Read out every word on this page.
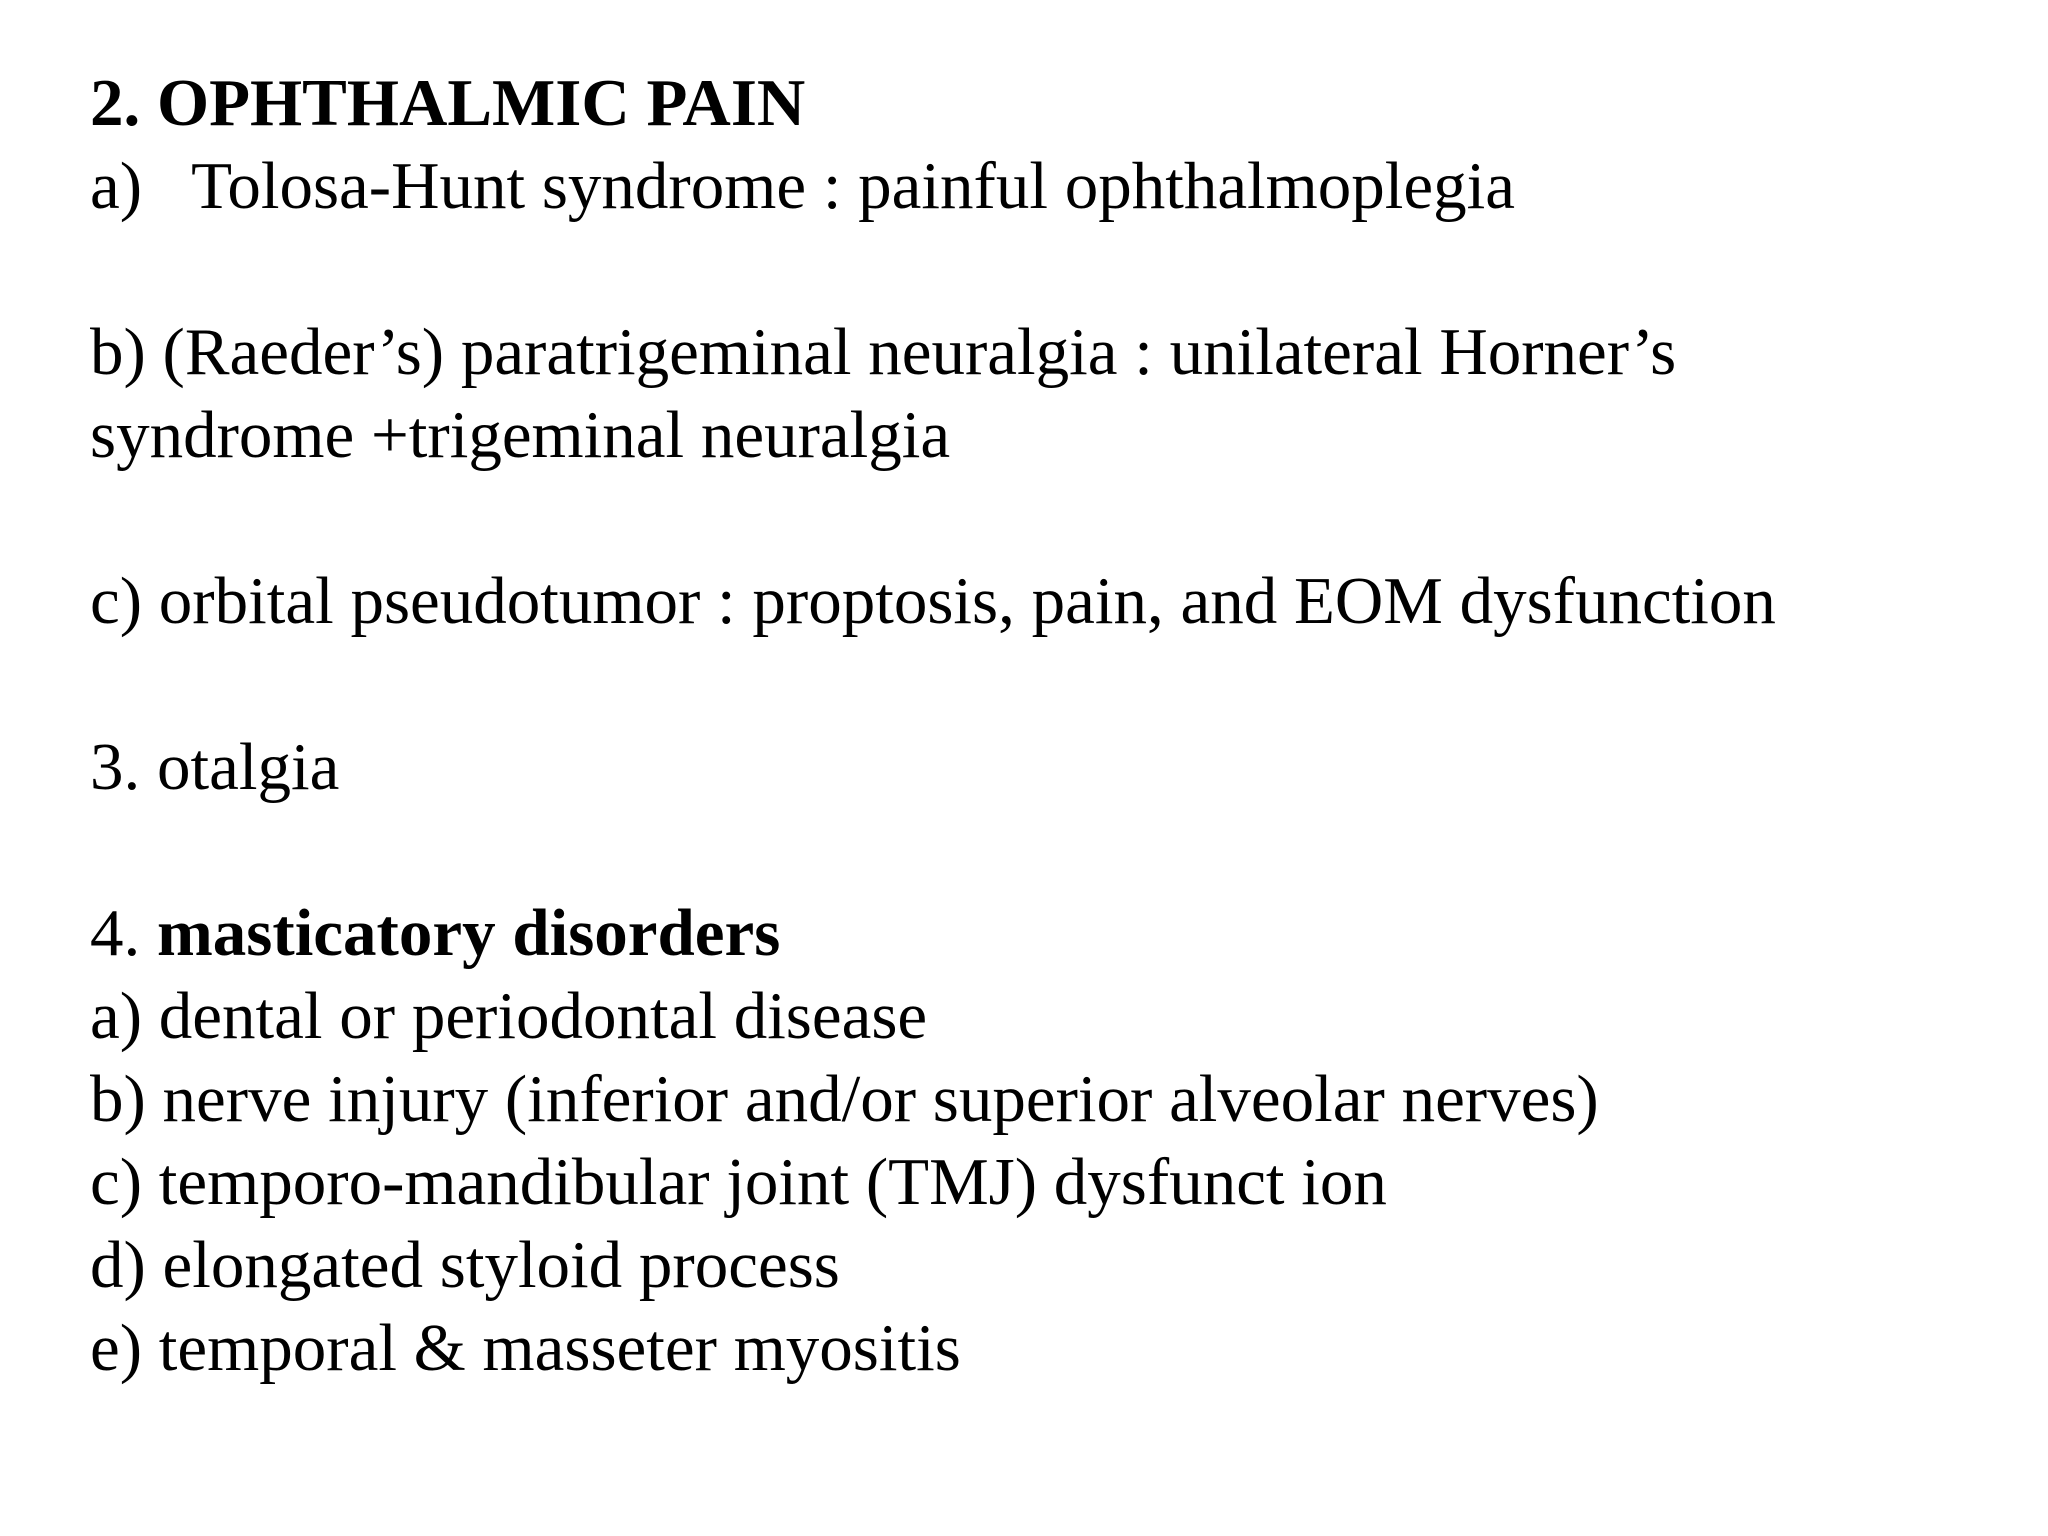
2. OPHTHALMIC PAIN
a)   Tolosa-Hunt syndrome : painful ophthalmoplegia
b) (Raeder’s) paratrigeminal neuralgia : unilateral Horner’s
syndrome +trigeminal neuralgia
c) orbital pseudotumor : proptosis, pain, and EOM dysfunction
3. otalgia
4. masticatory disorders
a) dental or periodontal disease
b) nerve injury (inferior and/or superior alveolar nerves)
c) temporo-mandibular joint (TMJ) dysfunct ion
d) elongated styloid process
e) temporal & masseter myositis
